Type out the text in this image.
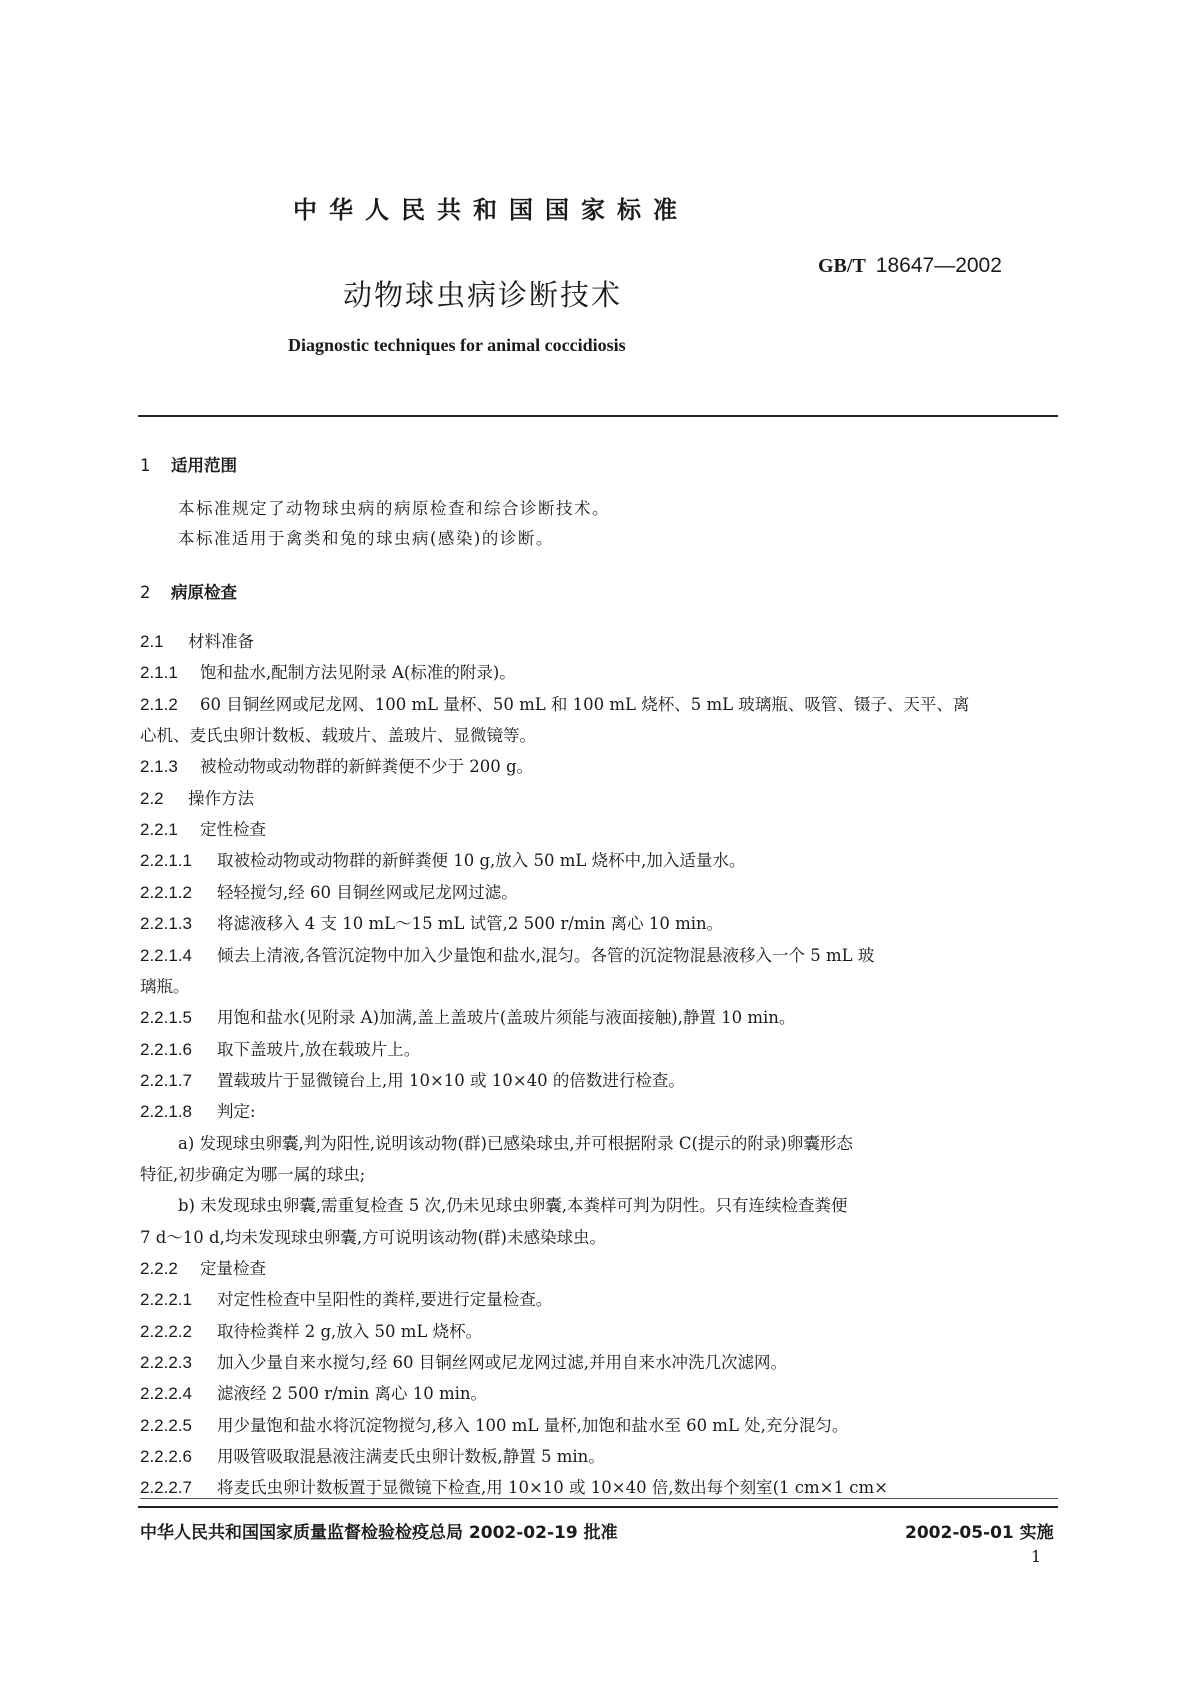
中华人民共和国国家标准
GB/T 18647—2002
动物球虫病诊断技术
Diagnostic techniques for animal coccidiosis
1 适用范围
本标准规定了动物球虫病的病原检查和综合诊断技术。
本标准适用于禽类和兔的球虫病(感染)的诊断。
2 病原检查
2.1 材料准备
2.1.1 饱和盐水,配制方法见附录 A(标准的附录)。
2.1.2 60 目铜丝网或尼龙网、100 mL 量杯、50 mL 和 100 mL 烧杯、5 mL 玻璃瓶、吸管、镊子、天平、离
心机、麦氏虫卵计数板、载玻片、盖玻片、显微镜等。
2.1.3 被检动物或动物群的新鲜粪便不少于 200 g。
2.2 操作方法
2.2.1 定性检查
2.2.1.1 取被检动物或动物群的新鲜粪便 10 g,放入 50 mL 烧杯中,加入适量水。
2.2.1.2 轻轻搅匀,经 60 目铜丝网或尼龙网过滤。
2.2.1.3 将滤液移入 4 支 10 mL～15 mL 试管,2 500 r/min 离心 10 min。
2.2.1.4 倾去上清液,各管沉淀物中加入少量饱和盐水,混匀。各管的沉淀物混悬液移入一个 5 mL 玻
璃瓶。
2.2.1.5 用饱和盐水(见附录 A)加满,盖上盖玻片(盖玻片须能与液面接触),静置 10 min。
2.2.1.6 取下盖玻片,放在载玻片上。
2.2.1.7 置载玻片于显微镜台上,用 10×10 或 10×40 的倍数进行检查。
2.2.1.8 判定:
a) 发现球虫卵囊,判为阳性,说明该动物(群)已感染球虫,并可根据附录 C(提示的附录)卵囊形态
特征,初步确定为哪一属的球虫;
b) 未发现球虫卵囊,需重复检查 5 次,仍未见球虫卵囊,本粪样可判为阴性。只有连续检查粪便
7 d～10 d,均未发现球虫卵囊,方可说明该动物(群)未感染球虫。
2.2.2 定量检查
2.2.2.1 对定性检查中呈阳性的粪样,要进行定量检查。
2.2.2.2 取待检粪样 2 g,放入 50 mL 烧杯。
2.2.2.3 加入少量自来水搅匀,经 60 目铜丝网或尼龙网过滤,并用自来水冲洗几次滤网。
2.2.2.4 滤液经 2 500 r/min 离心 10 min。
2.2.2.5 用少量饱和盐水将沉淀物搅匀,移入 100 mL 量杯,加饱和盐水至 60 mL 处,充分混匀。
2.2.2.6 用吸管吸取混悬液注满麦氏虫卵计数板,静置 5 min。
2.2.2.7 将麦氏虫卵计数板置于显微镜下检查,用 10×10 或 10×40 倍,数出每个刻室(1 cm×1 cm×
中华人民共和国国家质量监督检验检疫总局 2002-02-19 批准	2002-05-01 实施
1
